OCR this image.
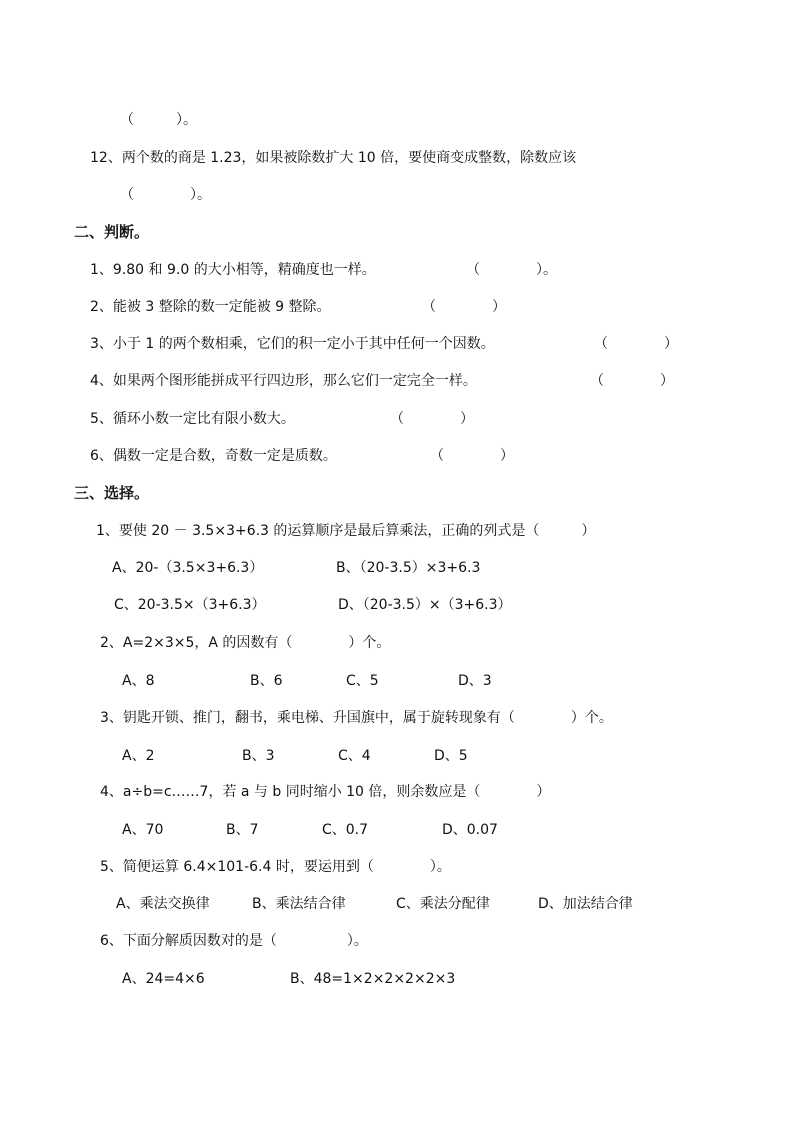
（　　　）。
12、两个数的商是 1.23，如果被除数扩大 10 倍，要使商变成整数，除数应该
（　　　　）。
二、判断。
1、9.80 和 9.0 的大小相等，精确度也一样。	（　　　　）。
2、能被 3 整除的数一定能被 9 整除。	（　　　　）
3、小于 1 的两个数相乘，它们的积一定小于其中任何一个因数。	（　　　　）
4、如果两个图形能拼成平行四边形，那么它们一定完全一样。	（　　　　）
5、循环小数一定比有限小数大。	（　　　　）
6、偶数一定是合数，奇数一定是质数。	（　　　　）
三、选择。
1、要使 20 － 3.5×3+6.3 的运算顺序是最后算乘法，正确的列式是（　　　）
A、20-（3.5×3+6.3）	B、（20-3.5）×3+6.3
C、20-3.5×（3+6.3）	D、（20-3.5）×（3+6.3）
2、A=2×3×5，A 的因数有（　　　　）个。
A、8	B、6	C、5	D、3
3、钥匙开锁、推门，翻书，乘电梯、升国旗中，属于旋转现象有（　　　　）个。
A、2	B、3	C、4	D、5
4、a÷b=c……7，若 a 与 b 同时缩小 10 倍，则余数应是（　　　　）
A、70	B、7	C、0.7	D、0.07
5、简便运算 6.4×101-6.4 时，要运用到（　　　　）。
A、乘法交换律	B、乘法结合律	C、乘法分配律	D、加法结合律
6、下面分解质因数对的是（　　　　　）。
A、24=4×6	B、48=1×2×2×2×2×3
